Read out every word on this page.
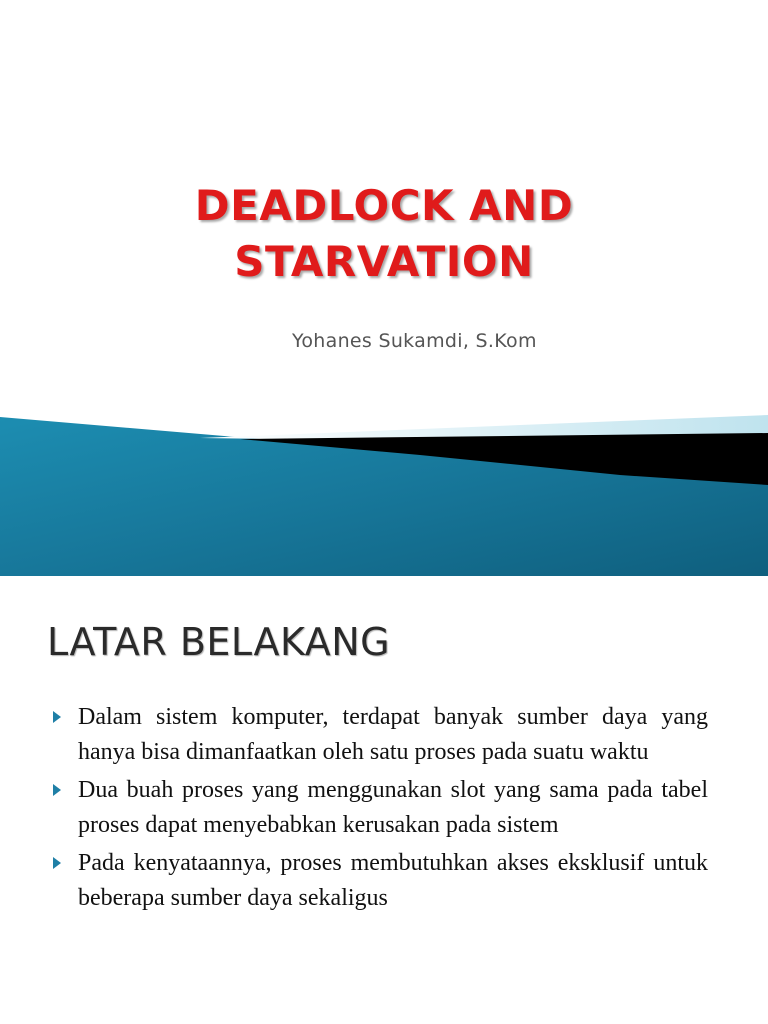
DEADLOCK AND
STARVATION
Yohanes Sukamdi, S.Kom
LATAR BELAKANG
Dalam sistem komputer, terdapat banyak sumber daya yang hanya bisa dimanfaatkan oleh satu proses pada suatu waktu
Dua buah proses yang menggunakan slot yang sama pada tabel proses dapat menyebabkan kerusakan pada sistem
Pada kenyataannya, proses membutuhkan akses eksklusif untuk beberapa sumber daya sekaligus
